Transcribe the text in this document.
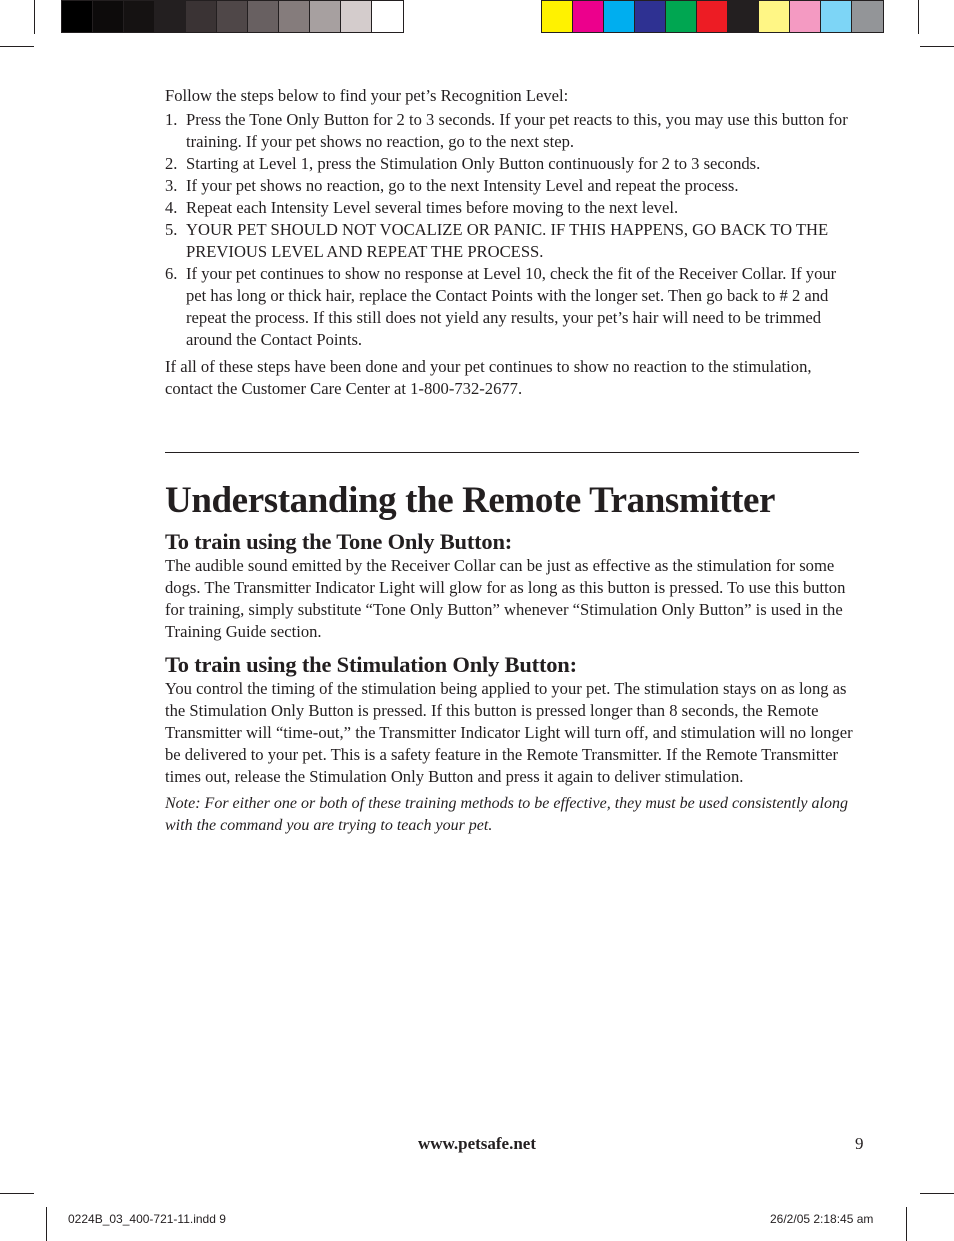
Follow the steps below to find your pet’s Recognition Level:

1. Press the Tone Only Button for 2 to 3 seconds. If your pet reacts to this, you may use this button for training. If your pet shows no reaction, go to the next step.
2. Starting at Level 1, press the Stimulation Only Button continuously for 2 to 3 seconds.
3. If your pet shows no reaction, go to the next Intensity Level and repeat the process.
4. Repeat each Intensity Level several times before moving to the next level.
5. YOUR PET SHOULD NOT VOCALIZE OR PANIC. IF THIS HAPPENS, GO BACK TO THE PREVIOUS LEVEL AND REPEAT THE PROCESS.
6. If your pet continues to show no response at Level 10, check the fit of the Receiver Collar. If your pet has long or thick hair, replace the Contact Points with the longer set. Then go back to # 2 and repeat the process. If this still does not yield any results, your pet’s hair will need to be trimmed around the Contact Points.

If all of these steps have been done and your pet continues to show no reaction to the stimulation, contact the Customer Care Center at 1-800-732-2677.

Understanding the Remote Transmitter
To train using the Tone Only Button:

The audible sound emitted by the Receiver Collar can be just as effective as the stimulation for some dogs. The Transmitter Indicator Light will glow for as long as this button is pressed. To use this button for training, simply substitute “Tone Only Button” whenever “Stimulation Only Button” is used in the Training Guide section.

To train using the Stimulation Only Button:

You control the timing of the stimulation being applied to your pet. The stimulation stays on as long as the Stimulation Only Button is pressed. If this button is pressed longer than 8 seconds, the Remote Transmitter will “time-out,” the Transmitter Indicator Light will turn off, and stimulation will no longer be delivered to your pet. This is a safety feature in the Remote Transmitter. If the Remote Transmitter times out, release the Stimulation Only Button and press it again to deliver stimulation.

Note: For either one or both of these training methods to be effective, they must be used consistently along with the command you are trying to teach your pet.

www.petsafe.net	9
0224B_03_400-721-11.indd 9	26/2/05 2:18:45 am
